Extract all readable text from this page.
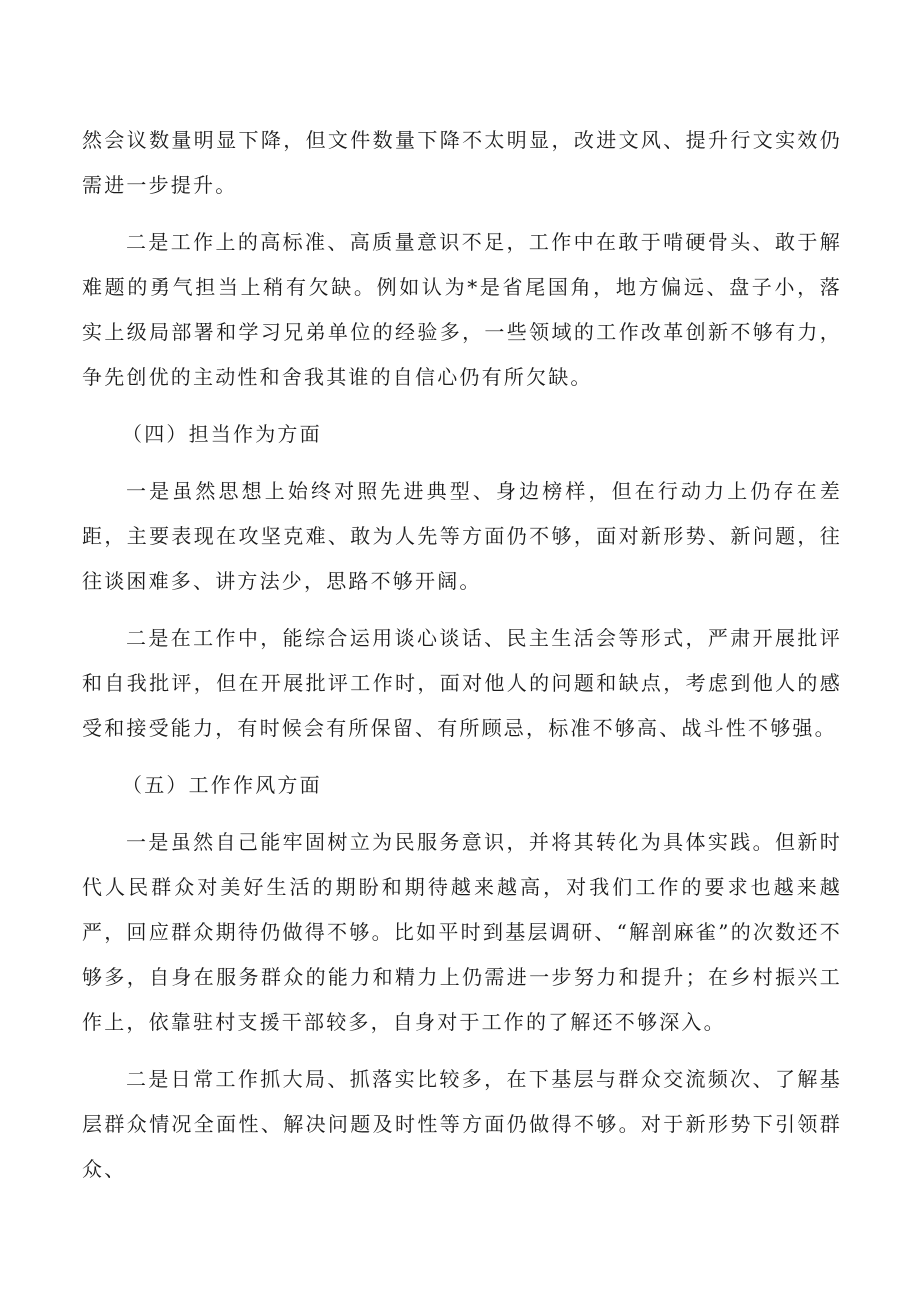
然会议数量明显下降，但文件数量下降不太明显，改进文风、提升行文实效仍需进一步提升。

二是工作上的高标准、高质量意识不足，工作中在敢于啃硬骨头、敢于解难题的勇气担当上稍有欠缺。例如认为*是省尾国角，地方偏远、盘子小，落实上级局部署和学习兄弟单位的经验多，一些领域的工作改革创新不够有力，争先创优的主动性和舍我其谁的自信心仍有所欠缺。

（四）担当作为方面

一是虽然思想上始终对照先进典型、身边榜样，但在行动力上仍存在差距，主要表现在攻坚克难、敢为人先等方面仍不够，面对新形势、新问题，往往谈困难多、讲方法少，思路不够开阔。

二是在工作中，能综合运用谈心谈话、民主生活会等形式，严肃开展批评和自我批评，但在开展批评工作时，面对他人的问题和缺点，考虑到他人的感受和接受能力，有时候会有所保留、有所顾忌，标准不够高、战斗性不够强。

（五）工作作风方面

一是虽然自己能牢固树立为民服务意识，并将其转化为具体实践。但新时代人民群众对美好生活的期盼和期待越来越高，对我们工作的要求也越来越严，回应群众期待仍做得不够。比如平时到基层调研、“解剖麻雀”的次数还不够多，自身在服务群众的能力和精力上仍需进一步努力和提升；在乡村振兴工作上，依靠驻村支援干部较多，自身对于工作的了解还不够深入。

二是日常工作抓大局、抓落实比较多，在下基层与群众交流频次、了解基层群众情况全面性、解决问题及时性等方面仍做得不够。对于新形势下引领群众、
